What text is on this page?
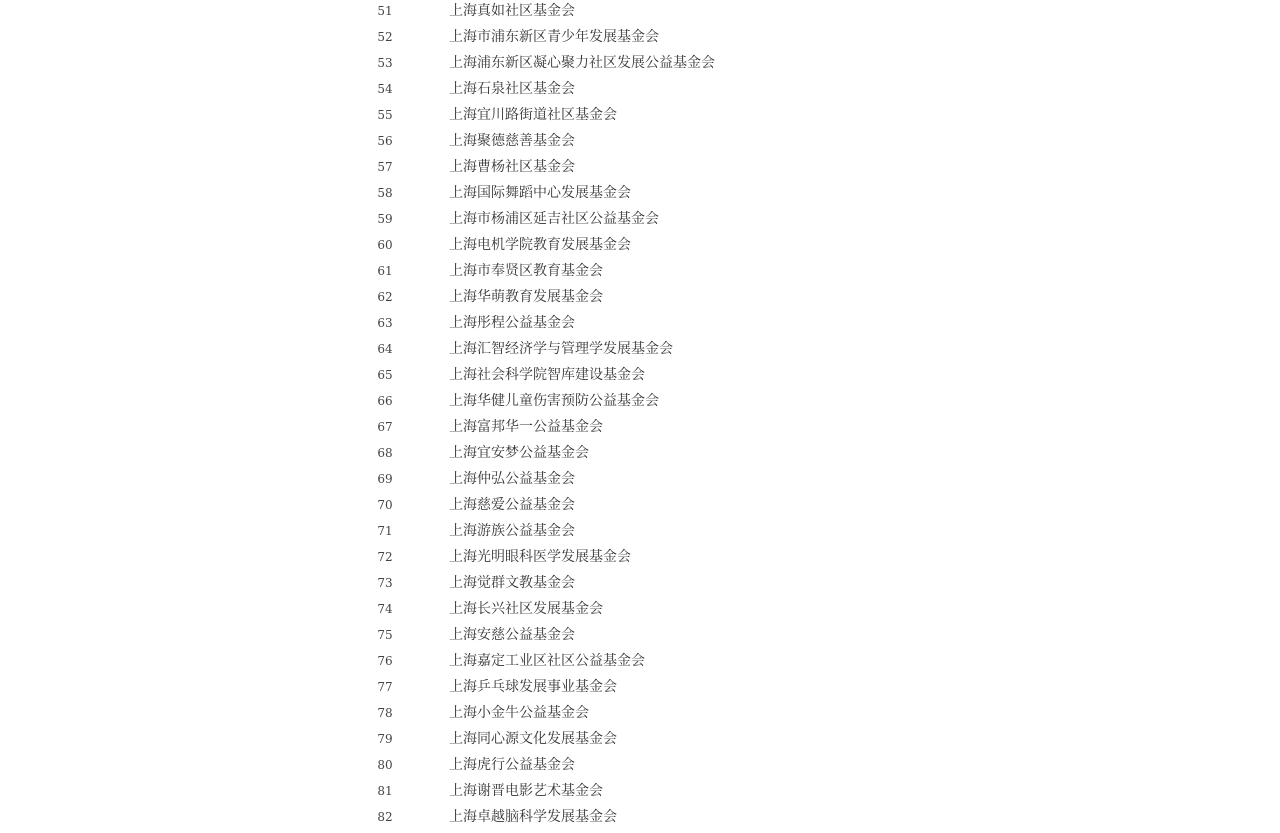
51	上海真如社区基金会
52	上海市浦东新区青少年发展基金会
53	上海浦东新区凝心聚力社区发展公益基金会
54	上海石泉社区基金会
55	上海宜川路街道社区基金会
56	上海聚德慈善基金会
57	上海曹杨社区基金会
58	上海国际舞蹈中心发展基金会
59	上海市杨浦区延吉社区公益基金会
60	上海电机学院教育发展基金会
61	上海市奉贤区教育基金会
62	上海华萌教育发展基金会
63	上海彤程公益基金会
64	上海汇智经济学与管理学发展基金会
65	上海社会科学院智库建设基金会
66	上海华健儿童伤害预防公益基金会
67	上海富邦华一公益基金会
68	上海宜安梦公益基金会
69	上海仲弘公益基金会
70	上海慈爱公益基金会
71	上海游族公益基金会
72	上海光明眼科医学发展基金会
73	上海觉群文教基金会
74	上海长兴社区发展基金会
75	上海安慈公益基金会
76	上海嘉定工业区社区公益基金会
77	上海乒乓球发展事业基金会
78	上海小金牛公益基金会
79	上海同心源文化发展基金会
80	上海虎行公益基金会
81	上海谢晋电影艺术基金会
82	上海卓越脑科学发展基金会
